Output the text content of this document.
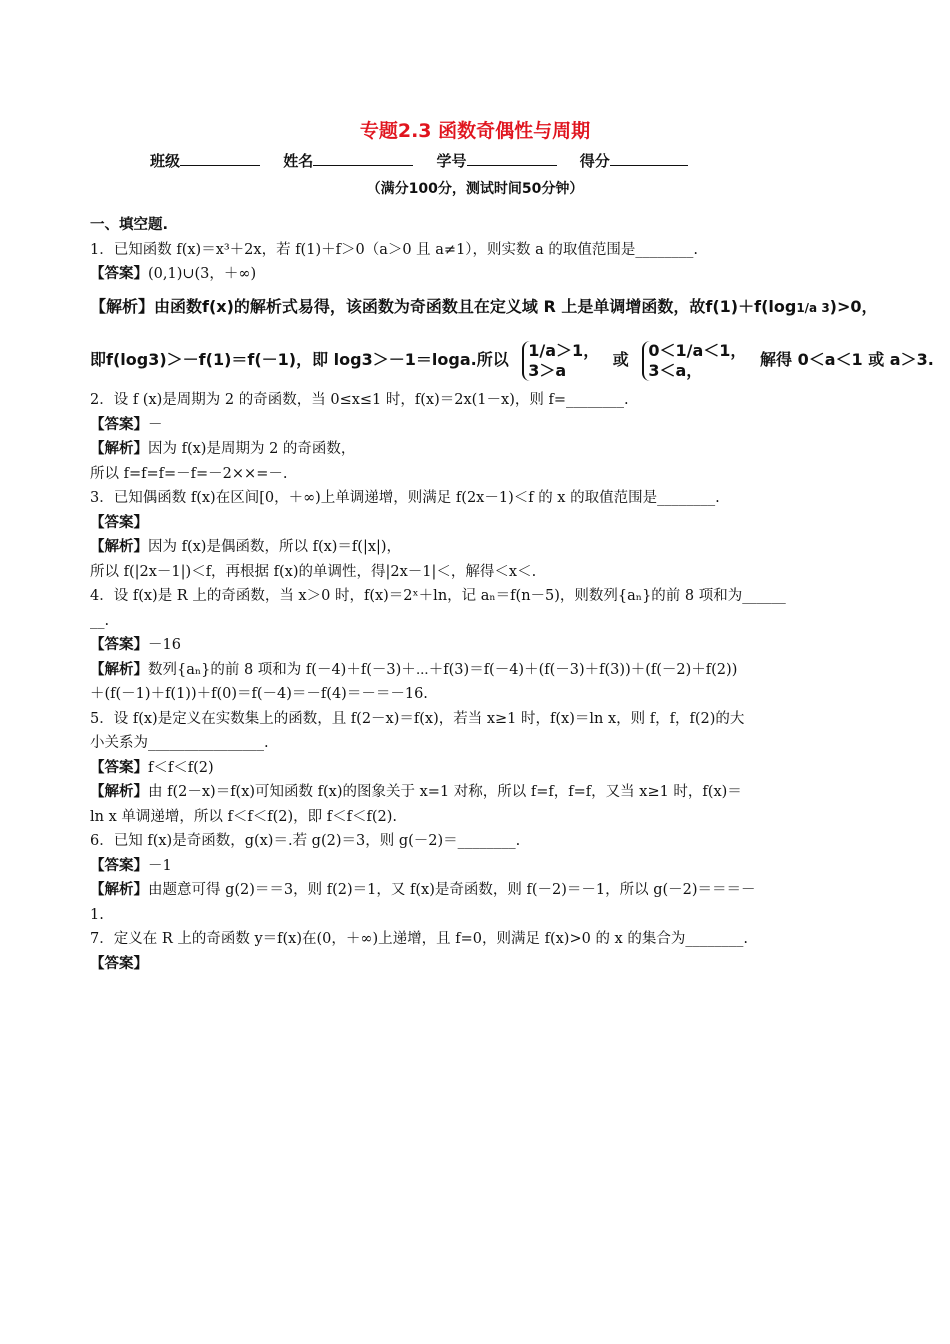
专题2.3 函数奇偶性与周期
班级	姓名	学号	得分
（满分100分，测试时间50分钟）
一、填空题.
1．已知函数 f(x)＝x³＋2x，若 f(1)＋f＞0（a＞0 且 a≠1），则实数 a 的取值范围是________.
【答案】(0,1)∪(3，＋∞)
【解析】由函数f(x)的解析式易得，该函数为奇函数且在定义域 R 上是单调增函数，故f(1)＋f(log1/a 3)>0，
即f(log3)＞－f(1)＝f(－1)，即 log3＞－1＝loga.所以 1/a＞1，
3＞a 或 0＜1/a＜1，
3＜a， 解得 0＜a＜1 或 a＞3.
2．设 f (x)是周期为 2 的奇函数，当 0≤x≤1 时，f(x)＝2x(1－x)，则 f=________.
【答案】－
【解析】因为 f(x)是周期为 2 的奇函数，
所以 f=f=f=－f=－2××=－.
3．已知偶函数 f(x)在区间[0，＋∞)上单调递增，则满足 f(2x－1)＜f 的 x 的取值范围是________.
【答案】
【解析】因为 f(x)是偶函数，所以 f(x)＝f(|x|)，
所以 f(|2x－1|)＜f，再根据 f(x)的单调性，得|2x－1|＜，解得＜x＜.
4．设 f(x)是 R 上的奇函数，当 x＞0 时，f(x)＝2ˣ＋ln，记 aₙ＝f(n－5)，则数列{aₙ}的前 8 项和为______
__.
【答案】－16
【解析】数列{aₙ}的前 8 项和为 f(－4)＋f(－3)＋⋯＋f(3)＝f(－4)＋(f(－3)＋f(3))＋(f(－2)＋f(2))
＋(f(－1)＋f(1))＋f(0)＝f(－4)＝－f(4)＝－＝－16.
5．设 f(x)是定义在实数集上的函数，且 f(2－x)＝f(x)，若当 x≥1 时，f(x)＝ln x，则 f，f，f(2)的大
小关系为________________.
【答案】f＜f＜f(2)
【解析】由 f(2－x)＝f(x)可知函数 f(x)的图象关于 x=1 对称，所以 f=f，f=f，又当 x≥1 时，f(x)＝
ln x 单调递增，所以 f＜f＜f(2)，即 f＜f＜f(2).
6．已知 f(x)是奇函数，g(x)＝.若 g(2)＝3，则 g(－2)＝________.
【答案】－1
【解析】由题意可得 g(2)＝＝3，则 f(2)＝1，又 f(x)是奇函数，则 f(－2)＝－1，所以 g(－2)＝＝＝－
1.
7．定义在 R 上的奇函数 y＝f(x)在(0，＋∞)上递增，且 f=0，则满足 f(x)>0 的 x 的集合为________.
【答案】
